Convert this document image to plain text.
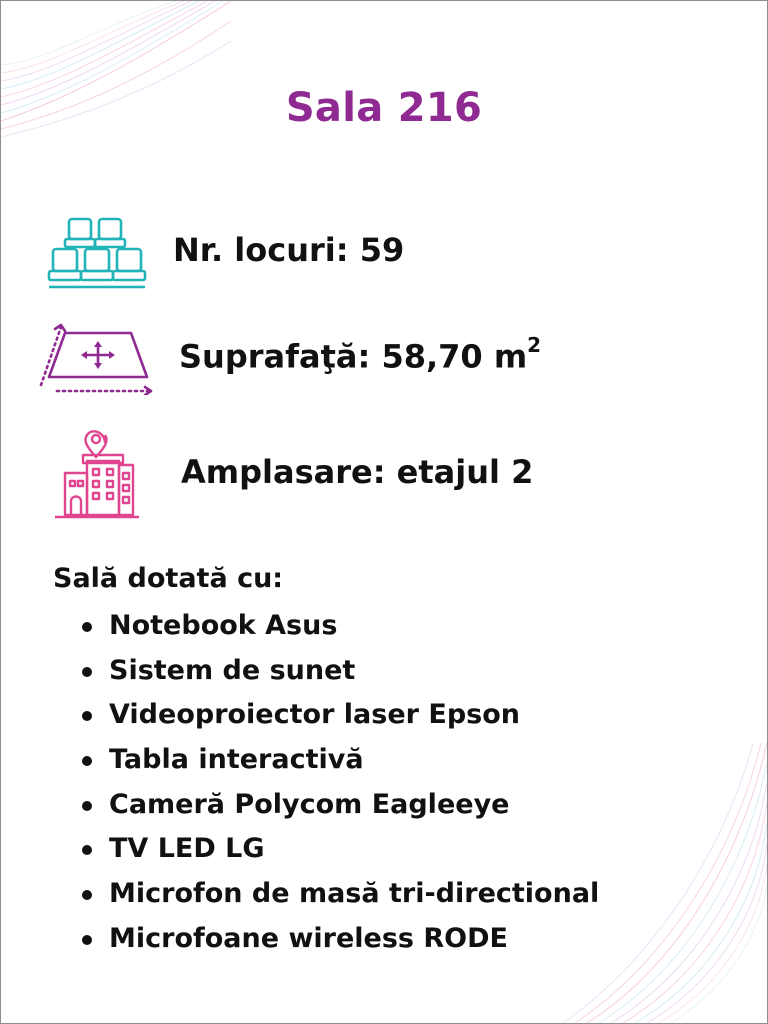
Sala 216
Nr. locuri: 59
Suprafaţă: 58,70 $m^2$
Amplasare: etajul 2
Sală dotată cu:
Notebook Asus
Sistem de sunet
Videoproiector laser Epson
Tabla interactivă
Cameră Polycom Eagleeye
TV LED LG
Microfon de masă tri-directional
Microfoane wireless RODE
